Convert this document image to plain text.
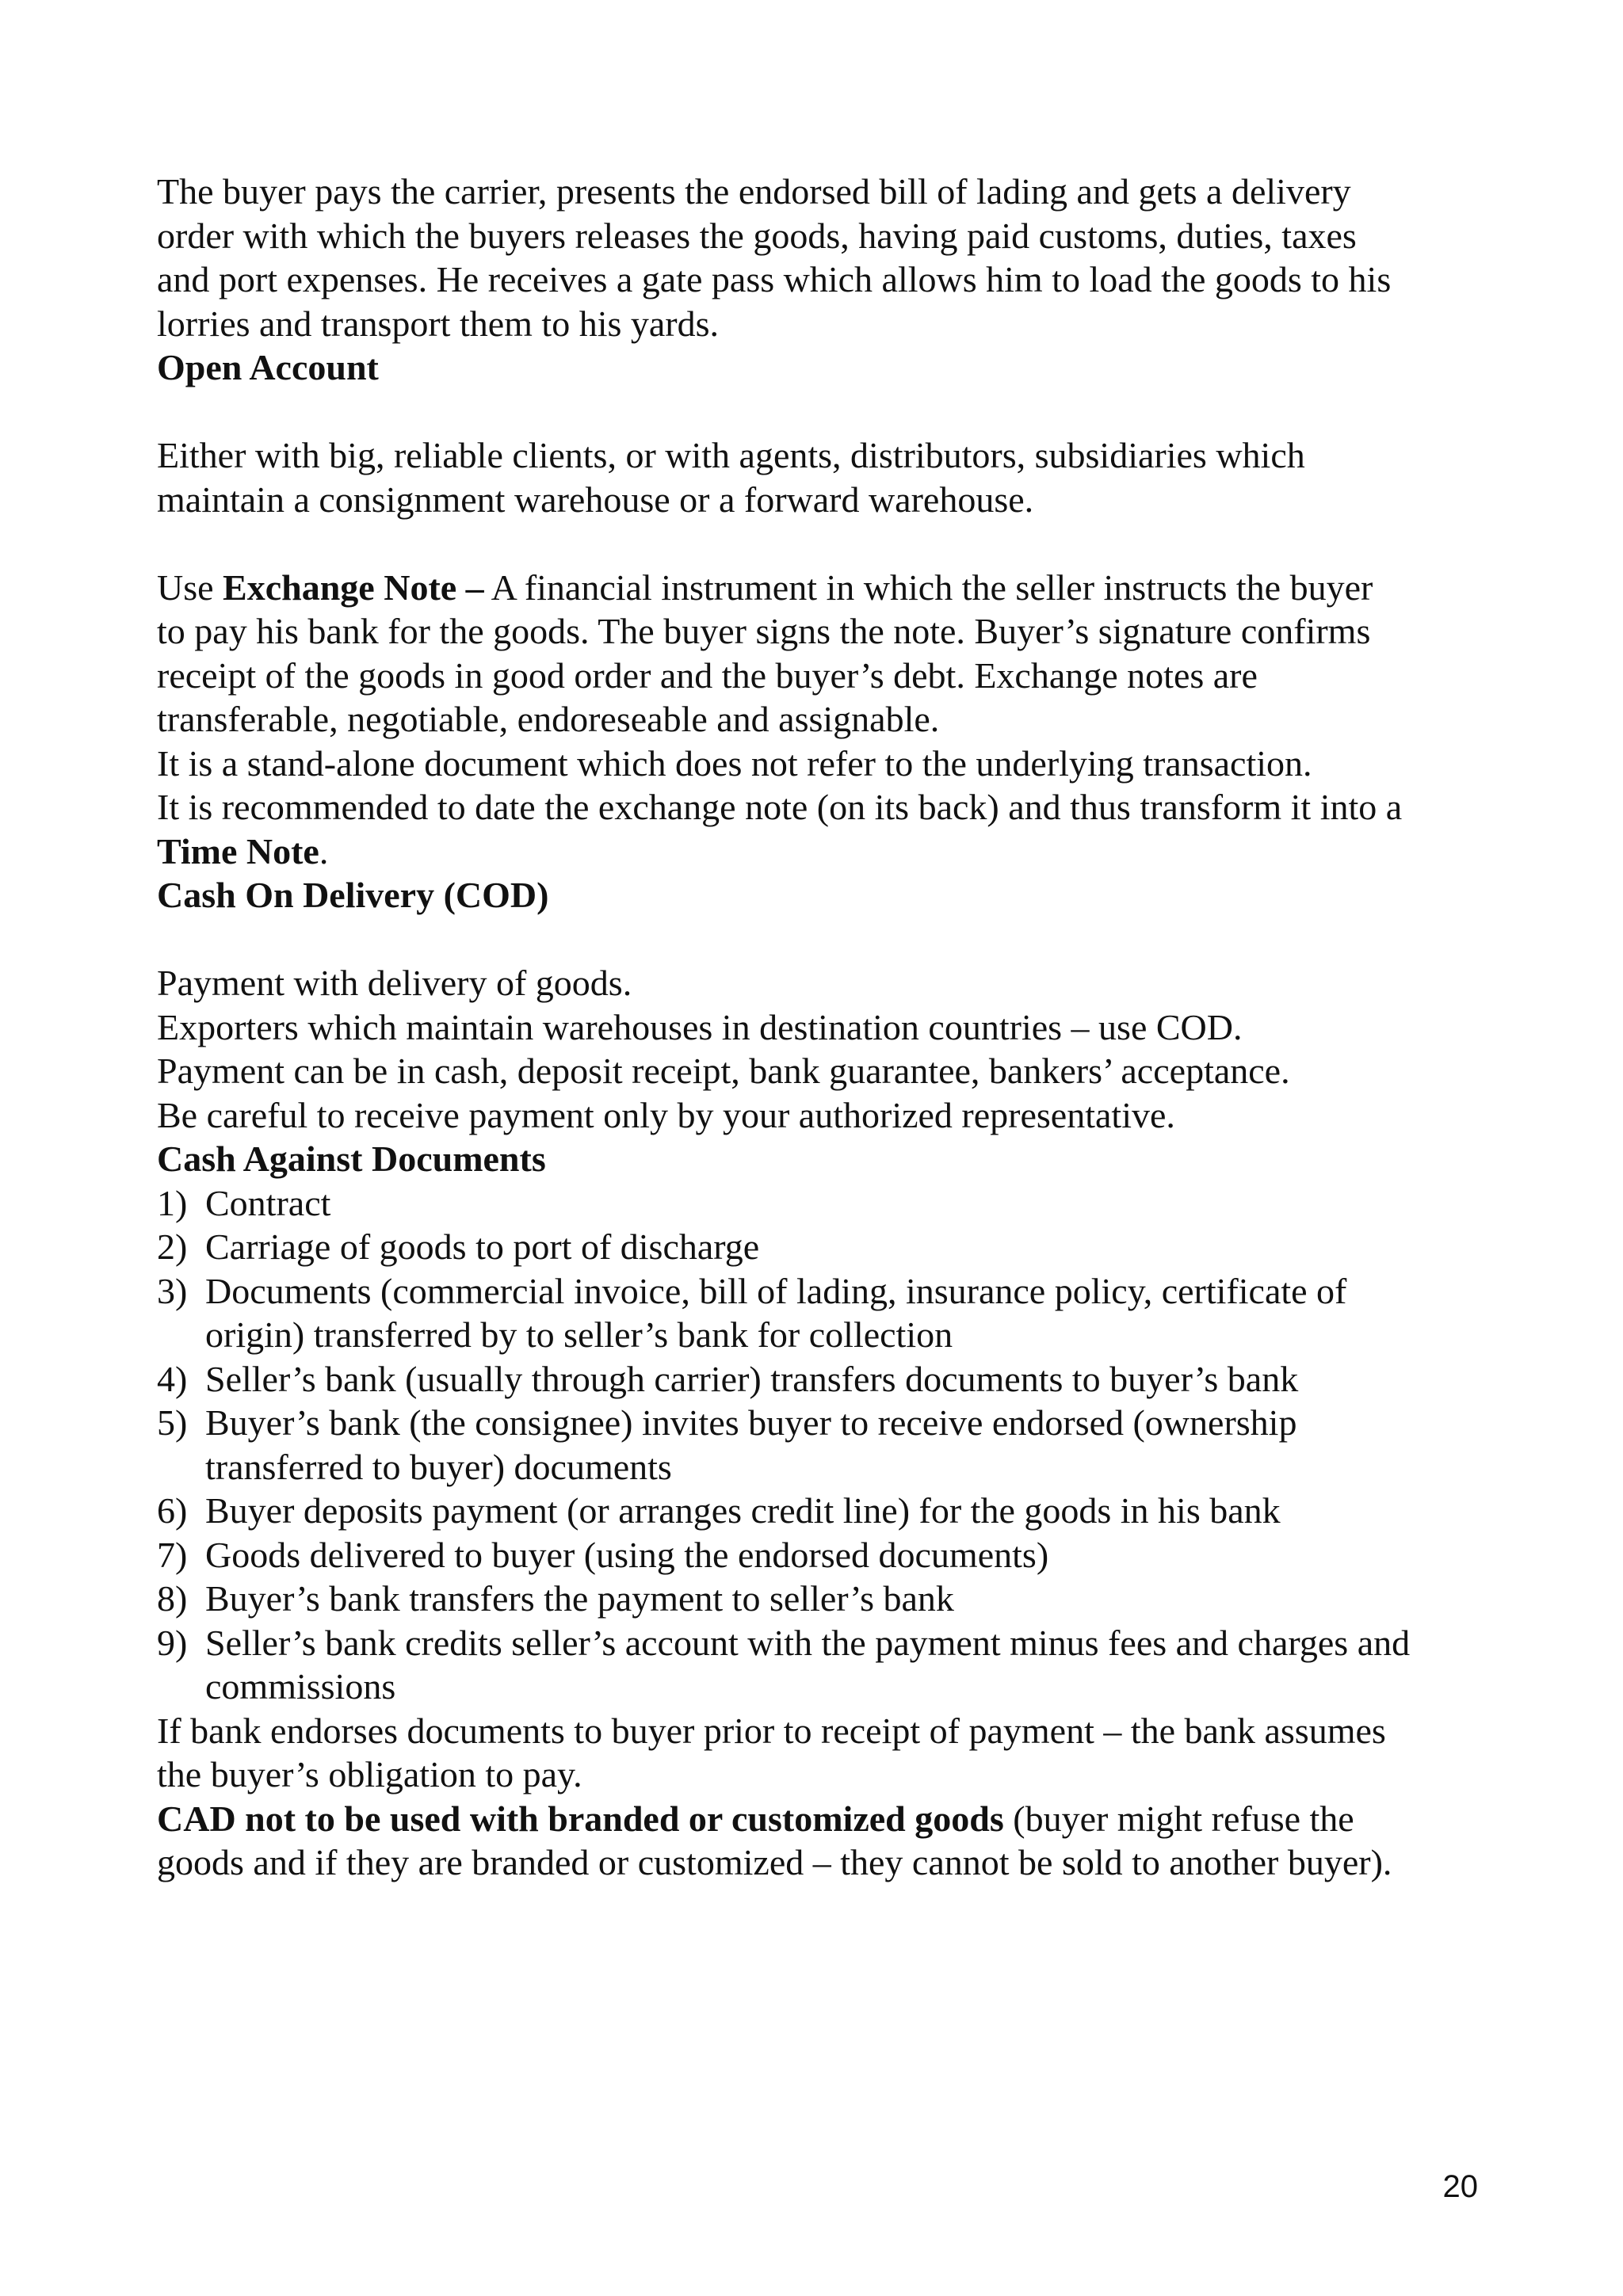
The buyer pays the carrier, presents the endorsed bill of lading and gets a delivery
order with which the buyers releases the goods, having paid customs, duties, taxes
and port expenses. He receives a gate pass which allows him to load the goods to his
lorries and transport them to his yards.

Open Account

Either with big, reliable clients, or with agents, distributors, subsidiaries which
maintain a consignment warehouse or a forward warehouse.

Use Exchange Note – A financial instrument in which the seller instructs the buyer
to pay his bank for the goods. The buyer signs the note. Buyer’s signature confirms
receipt of the goods in good order and the buyer’s debt. Exchange notes are
transferable, negotiable, endoreseable and assignable.
It is a stand-alone document which does not refer to the underlying transaction.
It is recommended to date the exchange note (on its back) and thus transform it into a
Time Note.

Cash On Delivery (COD)

Payment with delivery of goods.
Exporters which maintain warehouses in destination countries – use COD.
Payment can be in cash, deposit receipt, bank guarantee, bankers’ acceptance.
Be careful to receive payment only by your authorized representative.

Cash Against Documents

1) Contract
2) Carriage of goods to port of discharge
3) Documents (commercial invoice, bill of lading, insurance policy, certificate of
origin) transferred by to seller’s bank for collection
4) Seller’s bank (usually through carrier) transfers documents to buyer’s bank
5) Buyer’s bank (the consignee) invites buyer to receive endorsed (ownership
transferred to buyer) documents
6) Buyer deposits payment (or arranges credit line) for the goods in his bank
7) Goods delivered to buyer (using the endorsed documents)
8) Buyer’s bank transfers the payment to seller’s bank
9) Seller’s bank credits seller’s account with the payment minus fees and charges and
commissions

If bank endorses documents to buyer prior to receipt of payment – the bank assumes
the buyer’s obligation to pay.

CAD not to be used with branded or customized goods (buyer might refuse the
goods and if they are branded or customized – they cannot be sold to another buyer).

20
